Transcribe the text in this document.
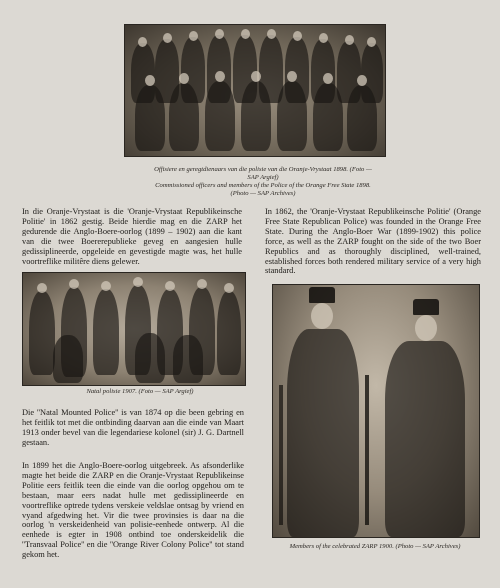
Offisiere en geregtdienaars van die polisie van die Oranje-Vrystaat 1898. (Foto — SAP Argief)
Commissioned officers and members of the Police of the Orange Free State 1898. (Photo — SAP Archives)

In die Oranje-Vrystaat is die 'Oranje-Vrystaat Republikeinsche Politie' in 1862 gestig. Beide hierdie mag en die ZARP het gedurende die Anglo-Boere-oorlog (1899 – 1902) aan die kant van die twee Boererepublieke geveg en aangesien hulle gedissiplineerde, opgeleide en gevestigde magte was, het hulle voortreflike militêre diens gelewer.

In 1862, the 'Oranje-Vrystaat Republikeinsche Politie' (Orange Free State Republican Police) was founded in the Orange Free State. During the Anglo-Boer War (1899-1902) this police force, as well as the ZARP fought on the side of the two Boer Republics and as thoroughly disciplined, well-trained, established forces both rendered military service of a very high standard.

Natal polisie 1907. (Foto — SAP Argief)

Die ''Natal Mounted Police'' is van 1874 op die been gebring en het feitlik tot met die ontbinding daarvan aan die einde van Maart 1913 onder bevel van die legendariese kolonel (sir) J. G. Dartnell gestaan.

In 1899 het die Anglo-Boere-oorlog uitgebreek. As afsonderlike magte het beide die ZARP en die Oranje-Vrystaat Republikeinse Politie eers feitlik teen die einde van die oorlog opgehou om te bestaan, maar eers nadat hulle met gedissiplineerde en voortreflike optrede tydens verskeie veldslae ontsag by vriend en vyand afgedwing het. Vir die twee provinsies is daar na die oorlog 'n verskeidenheid van polisie-eenhede ontwerp. Al die eenhede is egter in 1908 ontbind toe onderskeidelik die ''Transvaal Police'' en die ''Orange River Colony Police'' tot stand gekom het.

Members of the celebrated ZARP 1900. (Photo — SAP Archives)
